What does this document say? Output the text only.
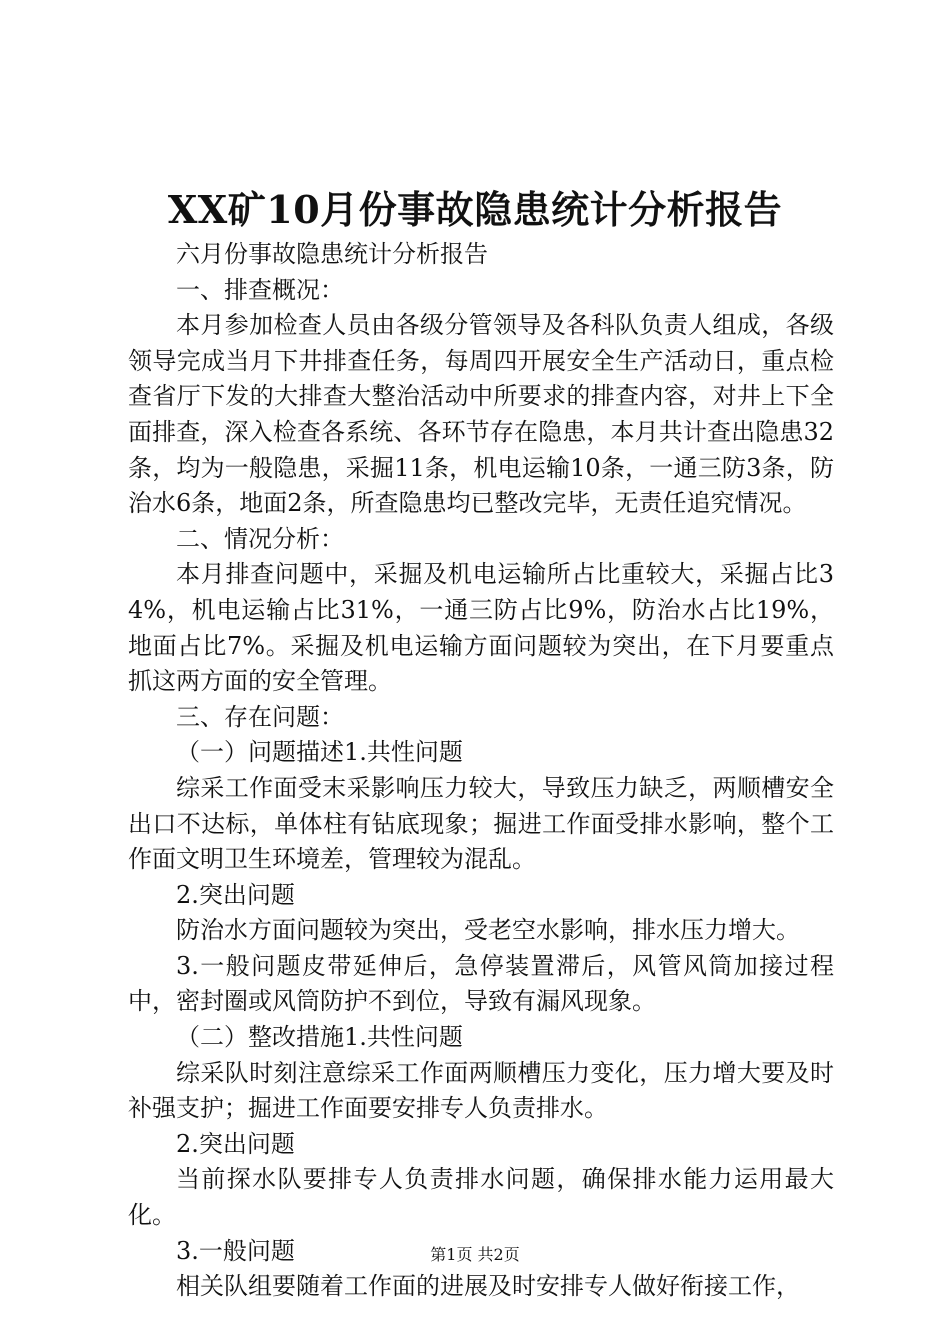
XX矿10月份事故隐患统计分析报告

六月份事故隐患统计分析报告

一、排查概况：

本月参加检查人员由各级分管领导及各科队负责人组成，各级领导完成当月下井排查任务，每周四开展安全生产活动日，重点检查省厅下发的大排查大整治活动中所要求的排查内容，对井上下全面排查，深入检查各系统、各环节存在隐患，本月共计查出隐患32条，均为一般隐患，采掘11条，机电运输10条，一通三防3条，防治水6条，地面2条，所查隐患均已整改完毕，无责任追究情况。

二、情况分析：

本月排查问题中，采掘及机电运输所占比重较大，采掘占比34%，机电运输占比31%，一通三防占比9%，防治水占比19%，地面占比7%。采掘及机电运输方面问题较为突出，在下月要重点抓这两方面的安全管理。

三、存在问题：

（一）问题描述1.共性问题

综采工作面受末采影响压力较大，导致压力缺乏，两顺槽安全出口不达标，单体柱有钻底现象；掘进工作面受排水影响，整个工作面文明卫生环境差，管理较为混乱。

2.突出问题

防治水方面问题较为突出，受老空水影响，排水压力增大。

3.一般问题皮带延伸后，急停装置滞后，风管风筒加接过程中，密封圈或风筒防护不到位，导致有漏风现象。

（二）整改措施1.共性问题

综采队时刻注意综采工作面两顺槽压力变化，压力增大要及时补强支护；掘进工作面要安排专人负责排水。

2.突出问题

当前探水队要排专人负责排水问题，确保排水能力运用最大化。

3.一般问题

相关队组要随着工作面的进展及时安排专人做好衔接工作，

第1页 共2页
